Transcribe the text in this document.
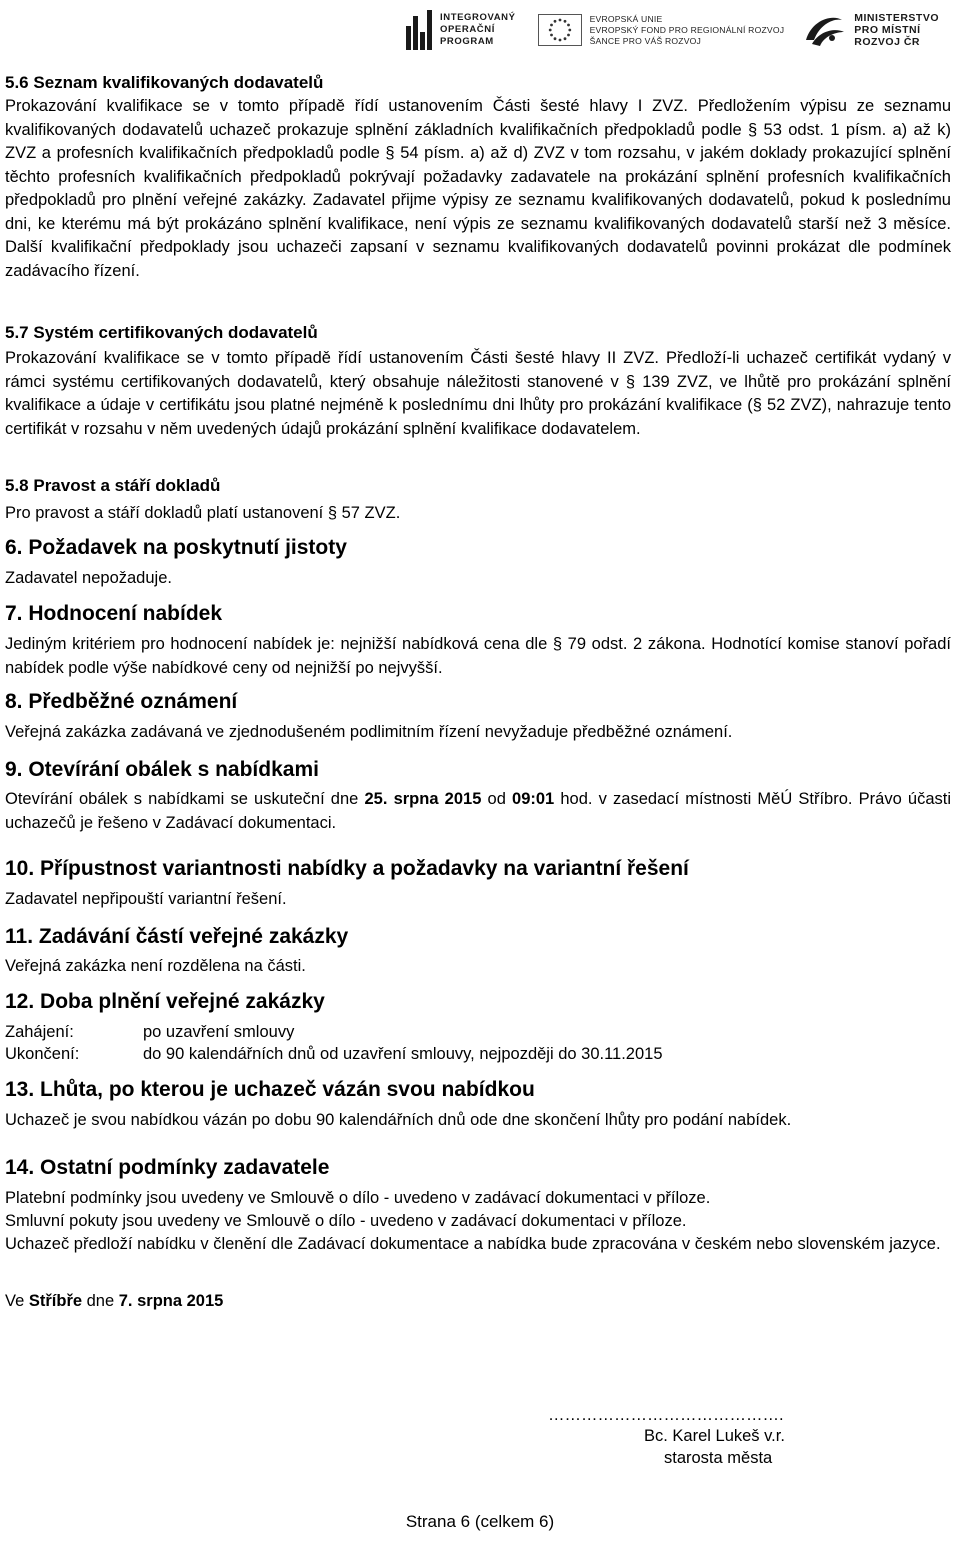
INTEGROVANÝ
OPERAČNÍ
PROGRAM
EVROPSKÁ UNIE
EVROPSKÝ FOND PRO REGIONÁLNÍ ROZVOJ
ŠANCE PRO VÁŠ ROZVOJ
MINISTERSTVO
PRO MÍSTNÍ
ROZVOJ ČR
5.6 Seznam kvalifikovaných dodavatelů
Prokazování kvalifikace se v tomto případě řídí ustanovením Části šesté hlavy I ZVZ. Předložením výpisu ze seznamu kvalifikovaných dodavatelů uchazeč prokazuje splnění základních kvalifikačních předpokladů podle § 53 odst. 1 písm. a) až k) ZVZ a profesních kvalifikačních předpokladů podle § 54 písm. a) až d) ZVZ v tom rozsahu, v jakém doklady prokazující splnění těchto profesních kvalifikačních předpokladů pokrývají požadavky zadavatele na prokázání splnění profesních kvalifikačních předpokladů pro plnění veřejné zakázky. Zadavatel přijme výpisy ze seznamu kvalifikovaných dodavatelů, pokud k poslednímu dni, ke kterému má být prokázáno splnění kvalifikace, není výpis ze seznamu kvalifikovaných dodavatelů starší než 3 měsíce. Další kvalifikační předpoklady jsou uchazeči zapsaní v seznamu kvalifikovaných dodavatelů povinni prokázat dle podmínek zadávacího řízení.
5.7 Systém certifikovaných dodavatelů
Prokazování kvalifikace se v tomto případě řídí ustanovením Části šesté hlavy II ZVZ. Předloží-li uchazeč certifikát vydaný v rámci systému certifikovaných dodavatelů, který obsahuje náležitosti stanovené v § 139 ZVZ, ve lhůtě pro prokázání splnění kvalifikace a údaje v certifikátu jsou platné nejméně k poslednímu dni lhůty pro prokázání kvalifikace (§ 52 ZVZ), nahrazuje tento certifikát v rozsahu v něm uvedených údajů prokázání splnění kvalifikace dodavatelem.
5.8 Pravost a stáří dokladů
Pro pravost a stáří dokladů platí ustanovení § 57 ZVZ.
6. Požadavek na poskytnutí jistoty
Zadavatel nepožaduje.
7. Hodnocení nabídek
Jediným kritériem pro hodnocení nabídek je: nejnižší nabídková cena dle § 79 odst. 2 zákona. Hodnotící komise stanoví pořadí nabídek podle výše nabídkové ceny od nejnižší po nejvyšší.
8. Předběžné oznámení
Veřejná zakázka zadávaná ve zjednodušeném podlimitním řízení nevyžaduje předběžné oznámení.
9. Otevírání obálek s nabídkami
Otevírání obálek s nabídkami se uskuteční dne 25. srpna 2015 od 09:01 hod. v zasedací místnosti MěÚ Stříbro. Právo účasti uchazečů je řešeno v Zadávací dokumentaci.
10. Přípustnost variantnosti nabídky a požadavky na variantní řešení
Zadavatel nepřipouští variantní řešení.
11. Zadávání částí veřejné zakázky
Veřejná zakázka není rozdělena na části.
12. Doba plnění veřejné zakázky
Zahájení:	po uzavření smlouvy
Ukončení:	do 90 kalendářních dnů od uzavření smlouvy, nejpozději do 30.11.2015
13. Lhůta, po kterou je uchazeč vázán svou nabídkou
Uchazeč je svou nabídkou vázán po dobu 90 kalendářních dnů ode dne skončení lhůty pro podání nabídek.
14. Ostatní podmínky zadavatele
Platební podmínky jsou uvedeny ve Smlouvě o dílo - uvedeno v zadávací dokumentaci v příloze.
Smluvní pokuty jsou uvedeny ve Smlouvě o dílo - uvedeno v zadávací dokumentaci v příloze.
Uchazeč předloží nabídku v členění dle Zadávací dokumentace a nabídka bude zpracována v českém nebo slovenském jazyce.
Ve Stříbře dne 7. srpna 2015
…………………………………….
Bc. Karel Lukeš v.r.
starosta města
Strana 6 (celkem 6)
